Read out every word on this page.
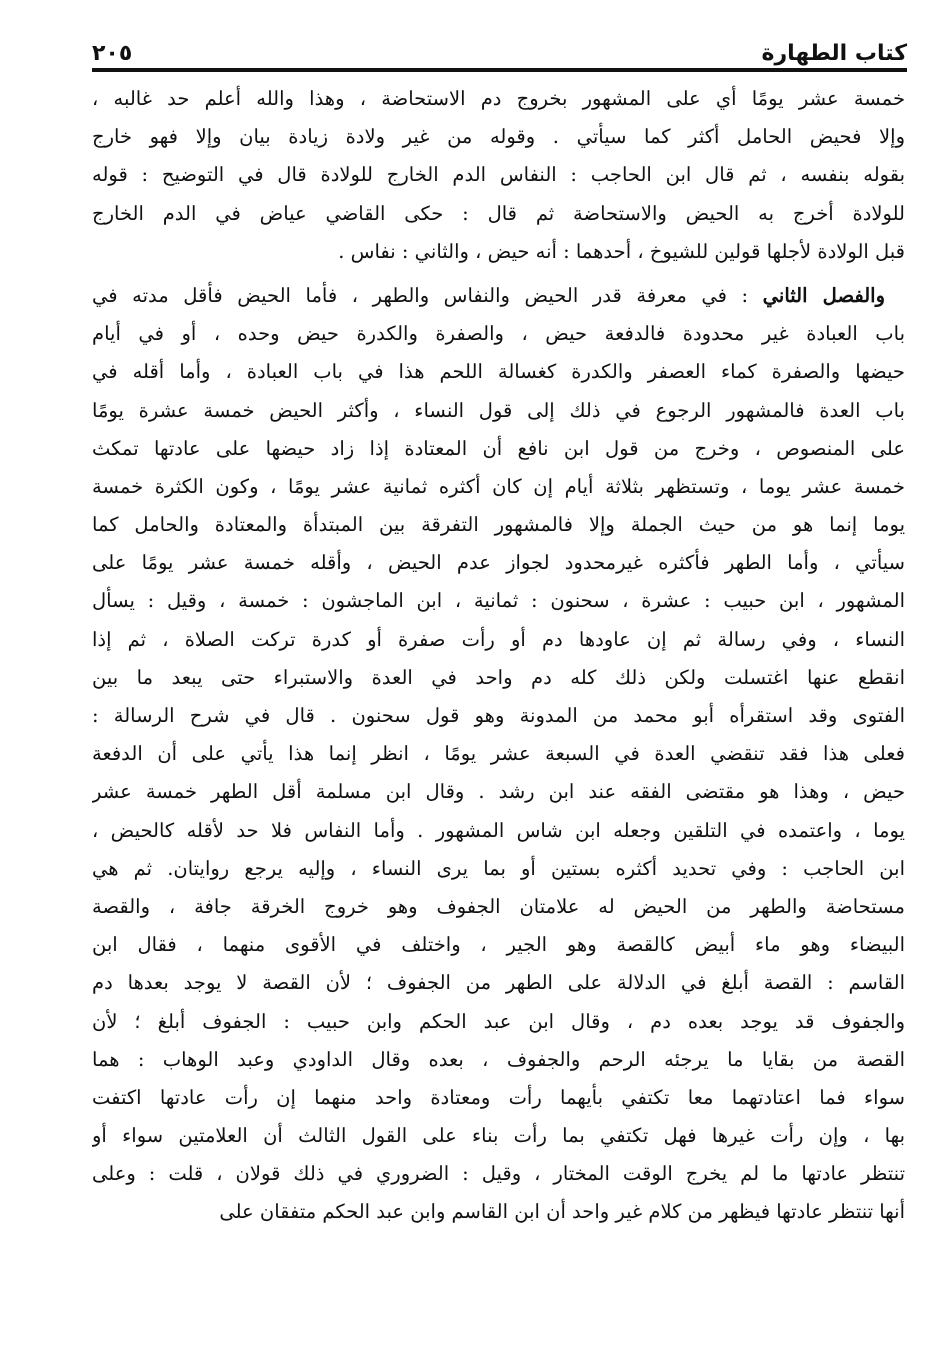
كتاب الطهارة
٢٠٥
خمسة عشر يومًا أي على المشهور بخروج دم الاستحاضة ، وهذا والله أعلم حد غالبه ،
وإلا فحيض الحامل أكثر كما سيأتي . وقوله من غير ولادة زيادة بيان وإلا فهو خارج
بقوله بنفسه ، ثم قال ابن الحاجب : النفاس الدم الخارج للولادة قال في التوضيح : قوله
للولادة أخرج به الحيض والاستحاضة ثم قال : حكى القاضي عياض في الدم الخارج
قبل الولادة لأجلها قولين للشيوخ ، أحدهما : أنه حيض ، والثاني : نفاس .
والفصل الثاني : في معرفة قدر الحيض والنفاس والطهر ، فأما الحيض فأقل مدته في
باب العبادة غير محدودة فالدفعة حيض ، والصفرة والكدرة حيض وحده ، أو في أيام
حيضها والصفرة كماء العصفر والكدرة كغسالة اللحم هذا في باب العبادة ، وأما أقله في
باب العدة فالمشهور الرجوع في ذلك إلى قول النساء ، وأكثر الحيض خمسة عشرة يومًا
على المنصوص ، وخرج من قول ابن نافع أن المعتادة إذا زاد حيضها على عادتها تمكث
خمسة عشر يوما ، وتستظهر بثلاثة أيام إن كان أكثره ثمانية عشر يومًا ، وكون الكثرة خمسة
يوما إنما هو من حيث الجملة وإلا فالمشهور التفرقة بين المبتدأة والمعتادة والحامل كما
سيأتي ، وأما الطهر فأكثره غيرمحدود لجواز عدم الحيض ، وأقله خمسة عشر يومًا على
المشهور ، ابن حبيب : عشرة ، سحنون : ثمانية ، ابن الماجشون : خمسة ، وقيل : يسأل
النساء ، وفي رسالة ثم إن عاودها دم أو رأت صفرة أو كدرة تركت الصلاة ، ثم إذا
انقطع عنها اغتسلت ولكن ذلك كله دم واحد في العدة والاستبراء حتى يبعد ما بين
الفتوى وقد استقرأه أبو محمد من المدونة وهو قول سحنون . قال في شرح الرسالة :
فعلى هذا فقد تنقضي العدة في السبعة عشر يومًا ، انظر إنما هذا يأتي على أن الدفعة
حيض ، وهذا هو مقتضى الفقه عند ابن رشد . وقال ابن مسلمة أقل الطهر خمسة عشر
يوما ، واعتمده في التلقين وجعله ابن شاس المشهور . وأما النفاس فلا حد لأقله كالحيض ،
ابن الحاجب : وفي تحديد أكثره بستين أو بما يرى النساء ، وإليه يرجع روايتان. ثم هي
مستحاضة والطهر من الحيض له علامتان الجفوف وهو خروج الخرقة جافة ، والقصة
البيضاء وهو ماء أبيض كالقصة وهو الجير ، واختلف في الأقوى منهما ، فقال ابن
القاسم : القصة أبلغ في الدلالة على الطهر من الجفوف ؛ لأن القصة لا يوجد بعدها دم
والجفوف قد يوجد بعده دم ، وقال ابن عبد الحكم وابن حبيب : الجفوف أبلغ ؛ لأن
القصة من بقايا ما يرجئه الرحم والجفوف ، بعده وقال الداودي وعبد الوهاب : هما
سواء فما اعتادتهما معا تكتفي بأيهما رأت ومعتادة واحد منهما إن رأت عادتها اكتفت
بها ، وإن رأت غيرها فهل تكتفي بما رأت بناء على القول الثالث أن العلامتين سواء أو
تنتظر عادتها ما لم يخرج الوقت المختار ، وقيل : الضروري في ذلك قولان ، قلت : وعلى
أنها تنتظر عادتها فيظهر من كلام غير واحد أن ابن القاسم وابن عبد الحكم متفقان على
